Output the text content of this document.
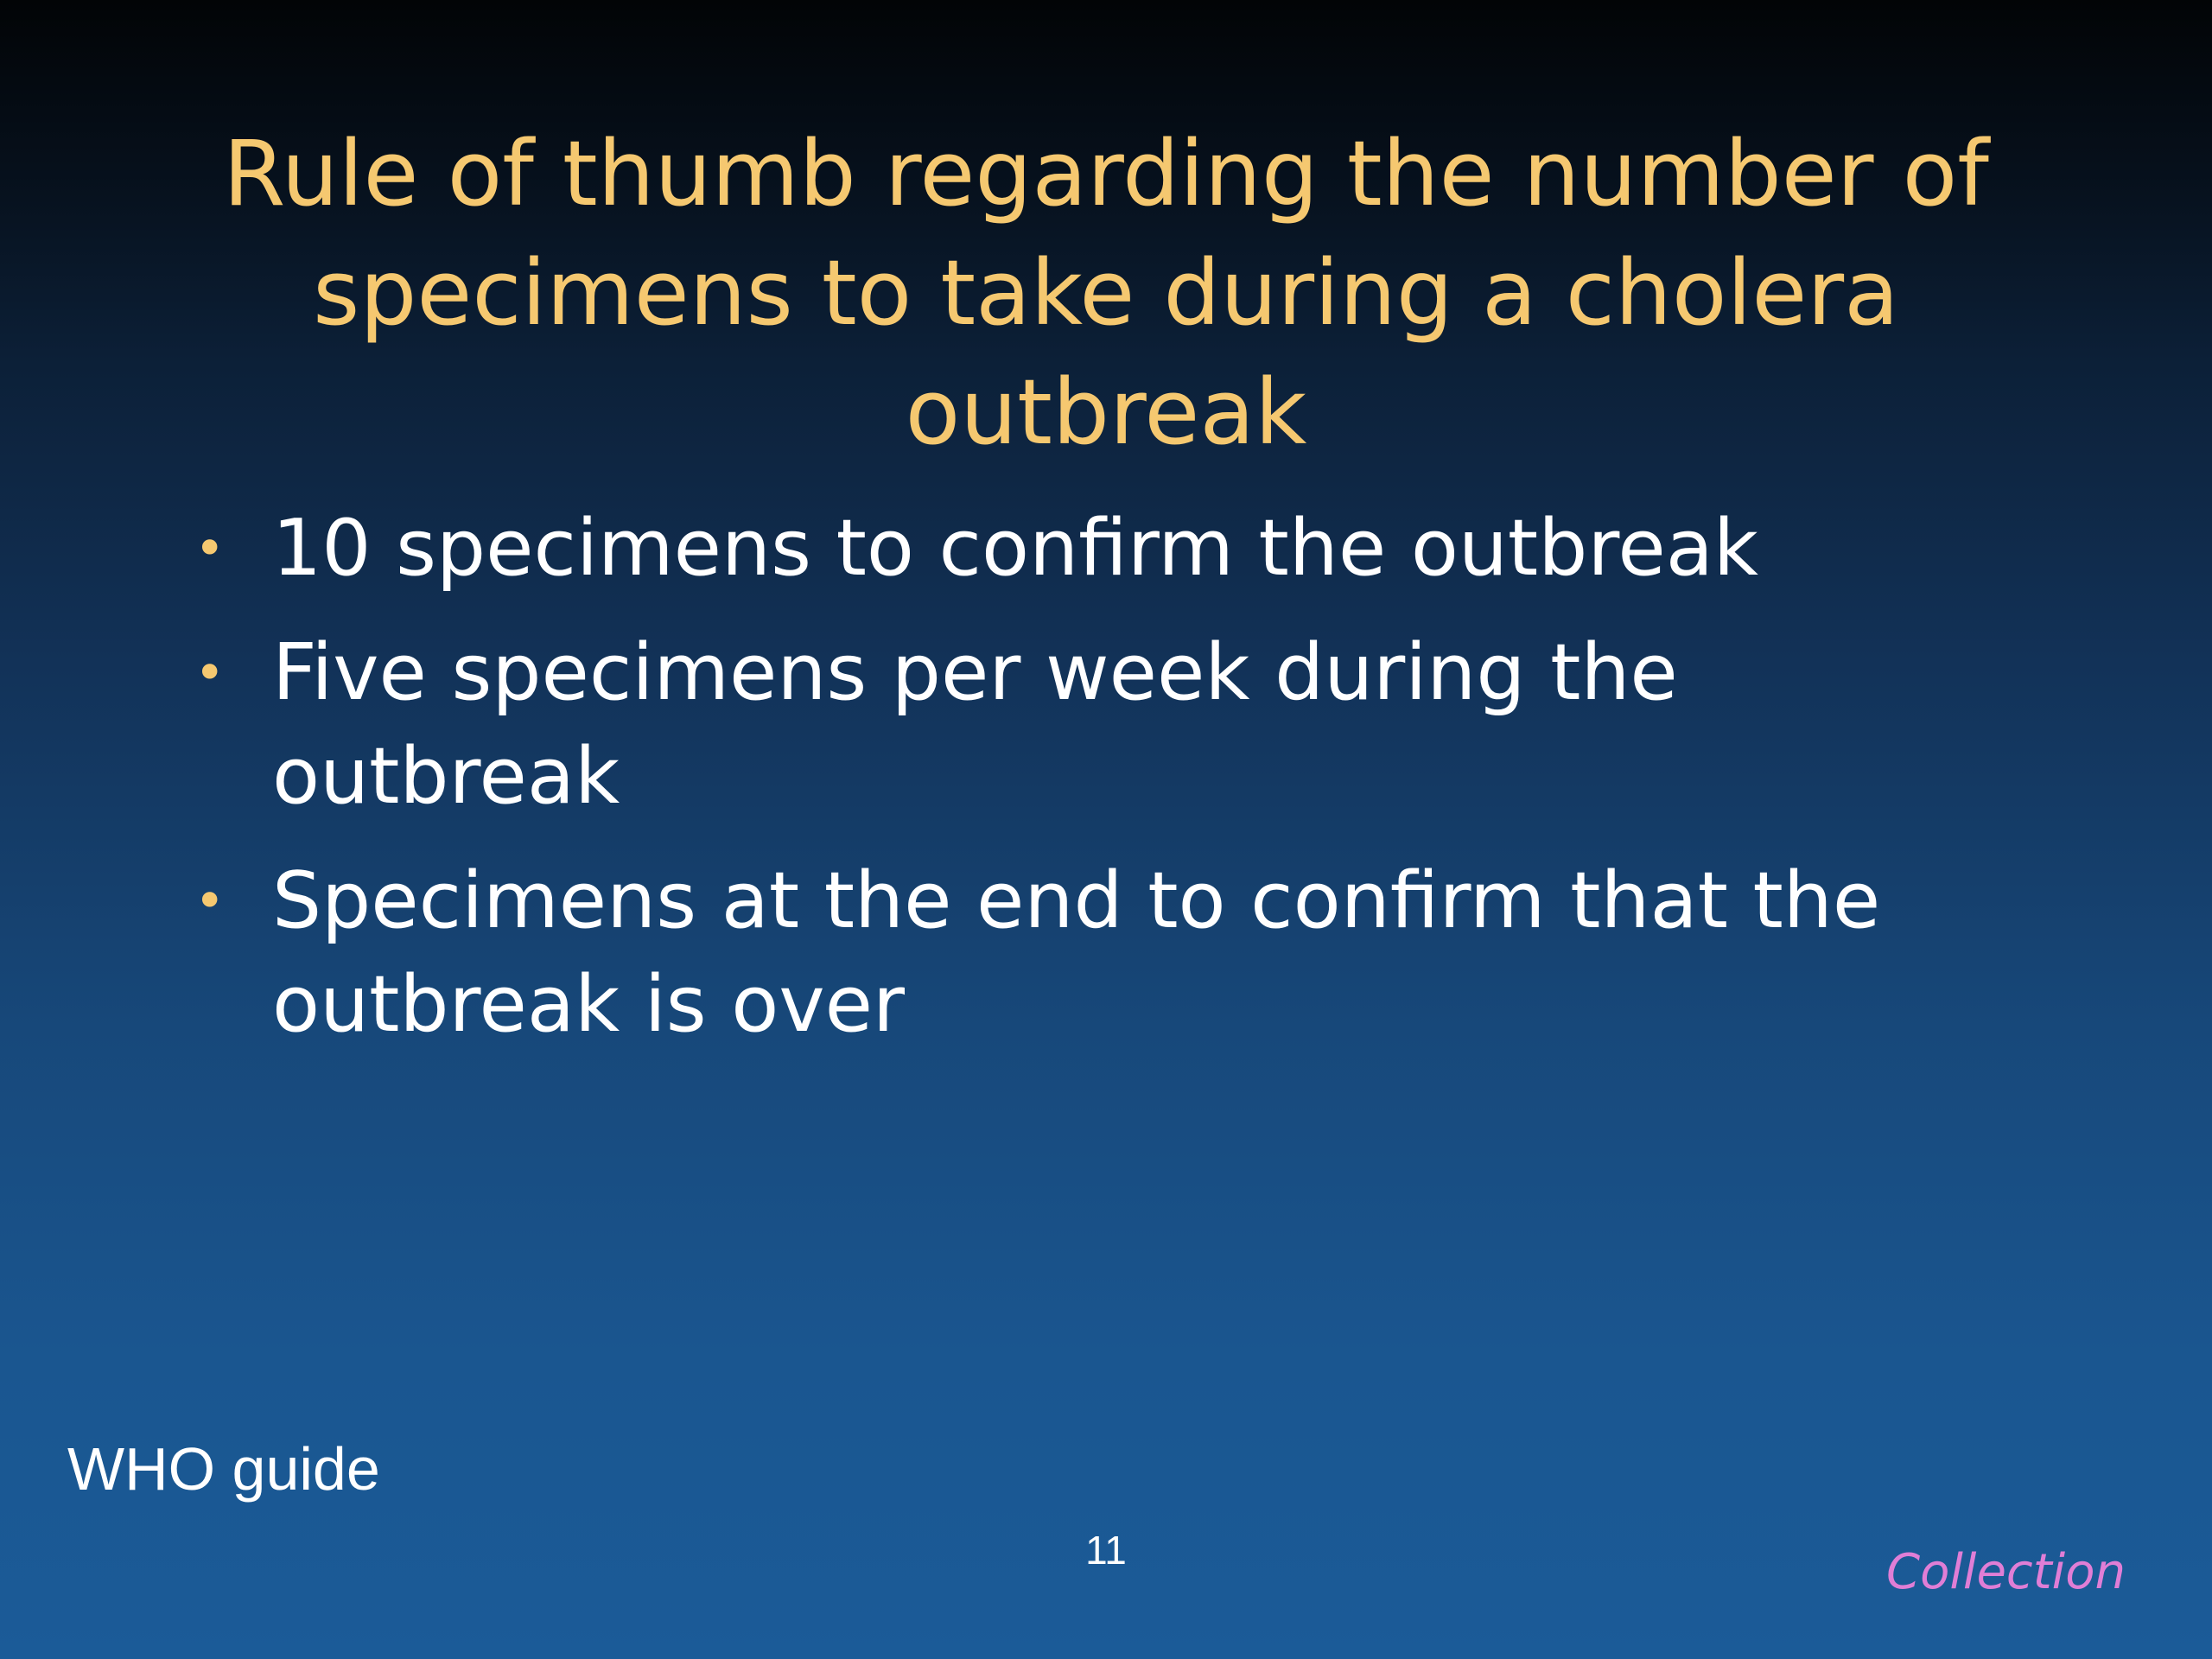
Rule of thumb regarding the number of
specimens to take during a cholera
outbreak
• 10 specimens to confirm the outbreak
• Five specimens per week during the
outbreak
• Specimens at the end to confirm that the
outbreak is over
WHO guide
11	Collection
